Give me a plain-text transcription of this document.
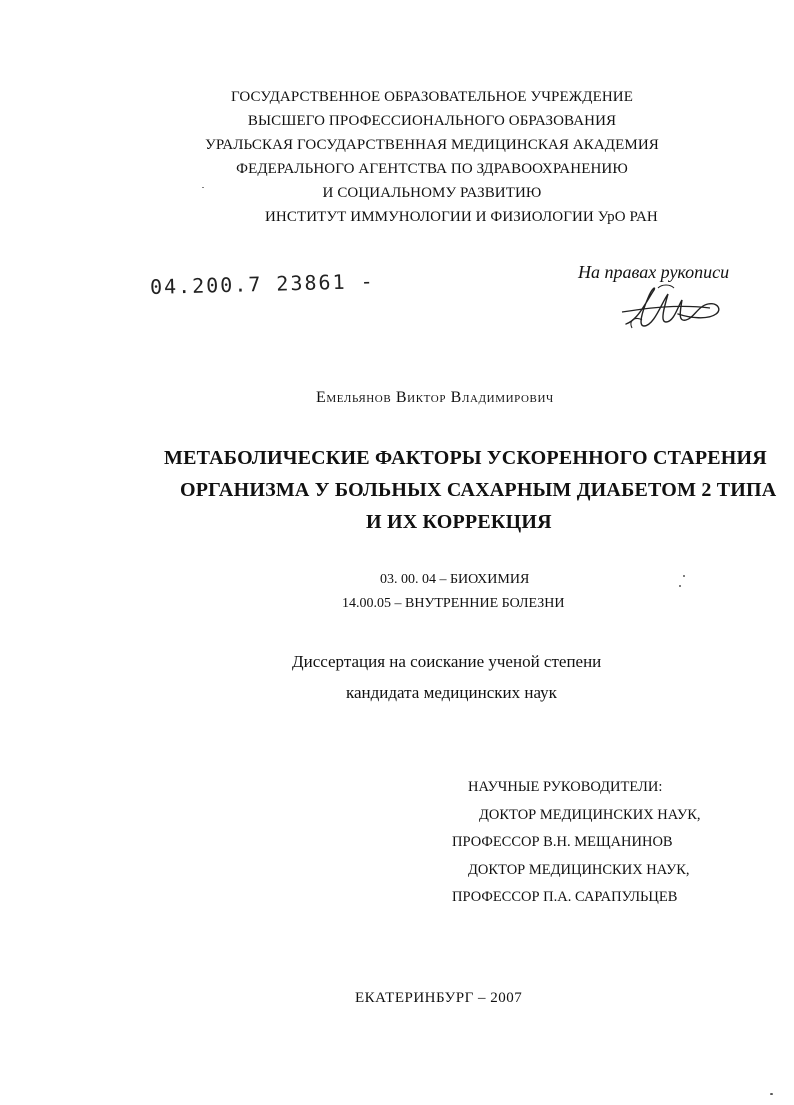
ГОСУДАРСТВЕННОЕ ОБРАЗОВАТЕЛЬНОЕ УЧРЕЖДЕНИЕ
ВЫСШЕГО ПРОФЕССИОНАЛЬНОГО ОБРАЗОВАНИЯ
УРАЛЬСКАЯ ГОСУДАРСТВЕННАЯ МЕДИЦИНСКАЯ АКАДЕМИЯ
ФЕДЕРАЛЬНОГО АГЕНТСТВА ПО ЗДРАВООХРАНЕНИЮ
И СОЦИАЛЬНОМУ РАЗВИТИЮ
ИНСТИТУТ ИММУНОЛОГИИ И ФИЗИОЛОГИИ УрО РАН
04.200.7 23861 -	На правах рукописи
Емельянов Виктор Владимирович
МЕТАБОЛИЧЕСКИЕ ФАКТОРЫ УСКОРЕННОГО СТАРЕНИЯ
ОРГАНИЗМА У БОЛЬНЫХ САХАРНЫМ ДИАБЕТОМ 2 ТИПА
И ИХ КОРРЕКЦИЯ
03. 00. 04 – БИОХИМИЯ
14.00.05 – ВНУТРЕННИЕ БОЛЕЗНИ
Диссертация на соискание ученой степени
кандидата медицинских наук
НАУЧНЫЕ РУКОВОДИТЕЛИ:
ДОКТОР МЕДИЦИНСКИХ НАУК,
ПРОФЕССОР В.Н. МЕЩАНИНОВ
ДОКТОР МЕДИЦИНСКИХ НАУК,
ПРОФЕССОР П.А. САРАПУЛЬЦЕВ
ЕКАТЕРИНБУРГ – 2007
